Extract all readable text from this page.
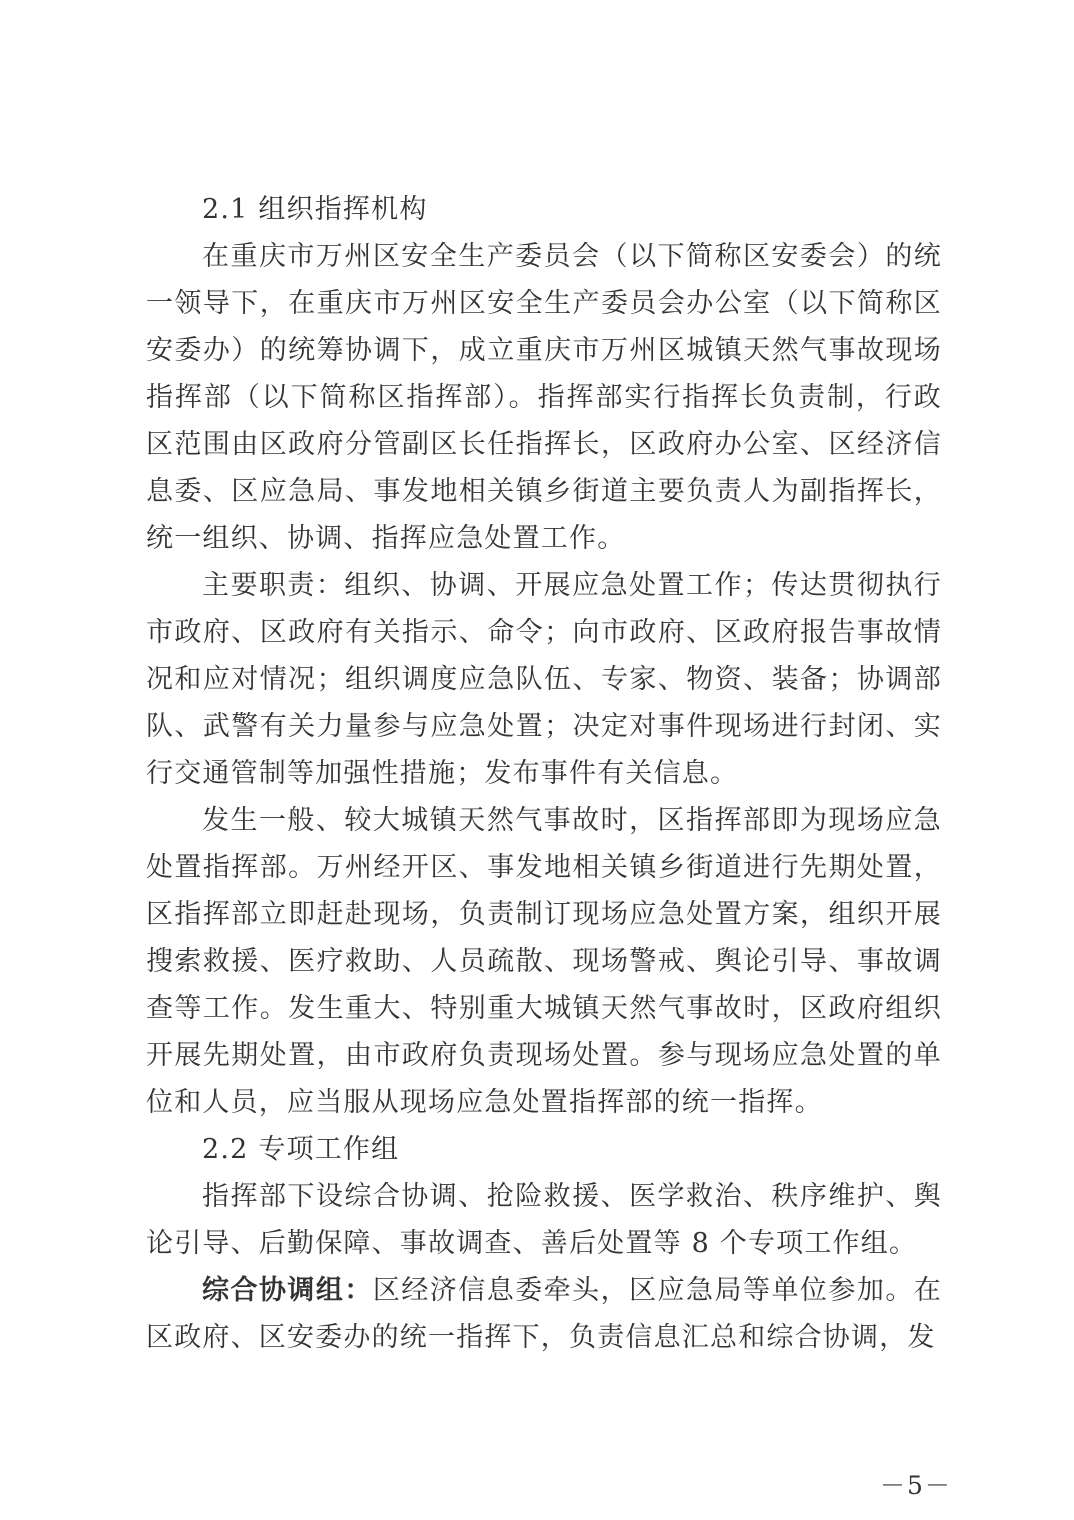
2.1 组织指挥机构

在重庆市万州区安全生产委员会（以下简称区安委会）的统一领导下，在重庆市万州区安全生产委员会办公室（以下简称区安委办）的统筹协调下，成立重庆市万州区城镇天然气事故现场指挥部（以下简称区指挥部）。指挥部实行指挥长负责制，行政区范围由区政府分管副区长任指挥长，区政府办公室、区经济信息委、区应急局、事发地相关镇乡街道主要负责人为副指挥长，统一组织、协调、指挥应急处置工作。

主要职责：组织、协调、开展应急处置工作；传达贯彻执行市政府、区政府有关指示、命令；向市政府、区政府报告事故情况和应对情况；组织调度应急队伍、专家、物资、装备；协调部队、武警有关力量参与应急处置；决定对事件现场进行封闭、实行交通管制等加强性措施；发布事件有关信息。

发生一般、较大城镇天然气事故时，区指挥部即为现场应急处置指挥部。万州经开区、事发地相关镇乡街道进行先期处置，区指挥部立即赶赴现场，负责制订现场应急处置方案，组织开展搜索救援、医疗救助、人员疏散、现场警戒、舆论引导、事故调查等工作。发生重大、特别重大城镇天然气事故时，区政府组织开展先期处置，由市政府负责现场处置。参与现场应急处置的单位和人员，应当服从现场应急处置指挥部的统一指挥。

2.2 专项工作组

指挥部下设综合协调、抢险救援、医学救治、秩序维护、舆论引导、后勤保障、事故调查、善后处置等 8 个专项工作组。

综合协调组：区经济信息委牵头，区应急局等单位参加。在区政府、区安委办的统一指挥下，负责信息汇总和综合协调，发

－5－
